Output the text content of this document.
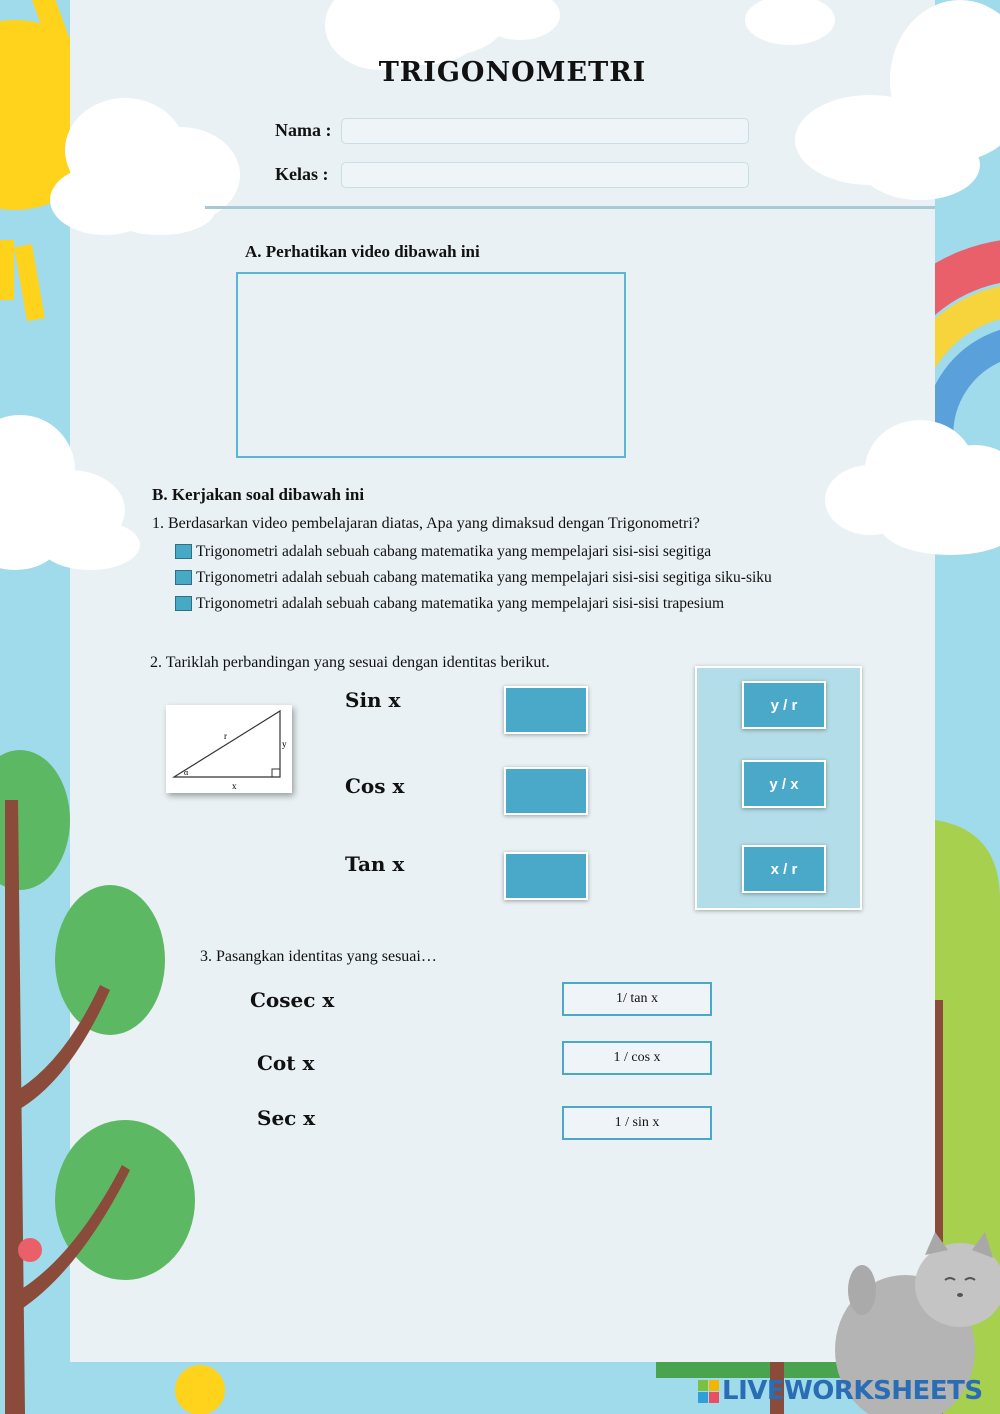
TRIGONOMETRI
Nama :
Kelas :
A. Perhatikan video dibawah ini
B. Kerjakan soal dibawah ini
1. Berdasarkan video pembelajaran diatas, Apa yang dimaksud dengan Trigonometri?
Trigonometri adalah sebuah cabang matematika yang mempelajari sisi-sisi segitiga
Trigonometri adalah sebuah cabang matematika yang mempelajari sisi-sisi segitiga siku-siku
Trigonometri adalah sebuah cabang matematika yang mempelajari sisi-sisi trapesium
2. Tariklah perbandingan yang sesuai dengan identitas berikut.
r
y
x
α
Sin x
Cos x
Tan x
y / r
y / x
x / r
3. Pasangkan identitas yang sesuai…
Cosec x
Cot x
Sec x
1/ tan x
1 / cos x
1 / sin x
LIVEWORKSHEETS
